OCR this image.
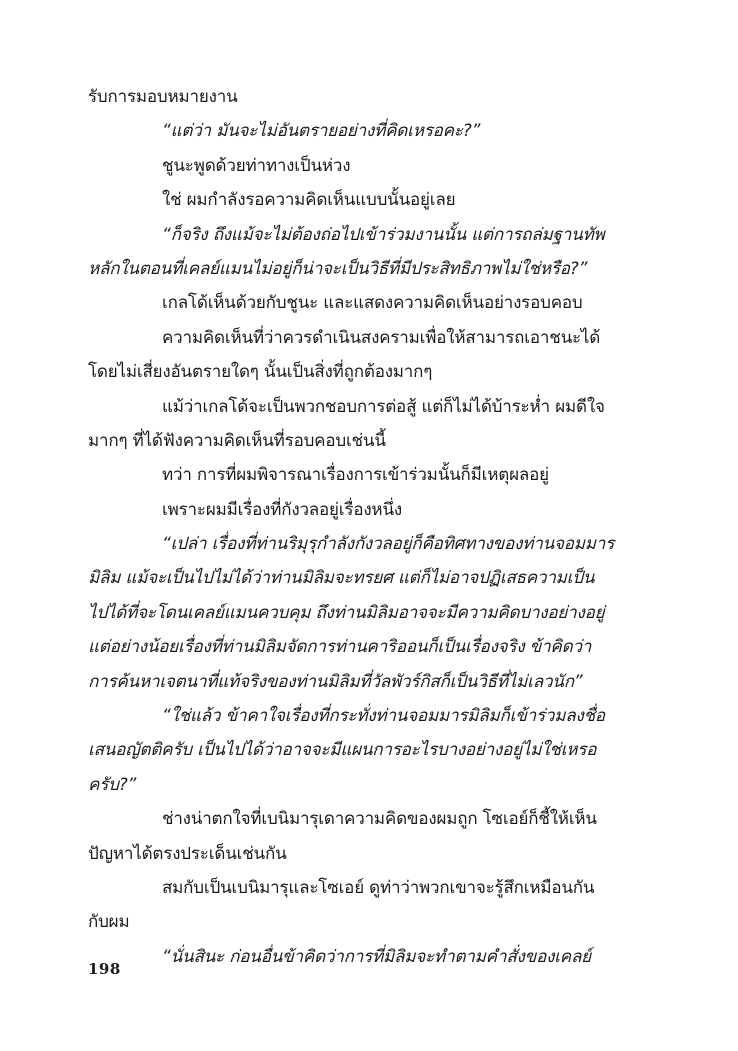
รับการมอบหมายงาน
“แต่ว่า มันจะไม่อันตรายอย่างที่คิดเหรอคะ?”
ชูนะพูดด้วยท่าทางเป็นห่วง
ใช่ ผมกำลังรอความคิดเห็นแบบนั้นอยู่เลย
“ก็จริง ถึงแม้จะไม่ต้องถ่อไปเข้าร่วมงานนั้น แต่การถล่มฐานทัพ
หลักในตอนที่เคลย์แมนไม่อยู่ก็น่าจะเป็นวิธีที่มีประสิทธิภาพไม่ใช่หรือ?”
เกลโด้เห็นด้วยกับชูนะ และแสดงความคิดเห็นอย่างรอบคอบ
ความคิดเห็นที่ว่าควรดำเนินสงครามเพื่อให้สามารถเอาชนะได้
โดยไม่เสี่ยงอันตรายใดๆ นั้นเป็นสิ่งที่ถูกต้องมากๆ
แม้ว่าเกลโด้จะเป็นพวกชอบการต่อสู้ แต่ก็ไม่ได้บ้าระห่ำ ผมดีใจ
มากๆ ที่ได้ฟังความคิดเห็นที่รอบคอบเช่นนี้
ทว่า การที่ผมพิจารณาเรื่องการเข้าร่วมนั้นก็มีเหตุผลอยู่
เพราะผมมีเรื่องที่กังวลอยู่เรื่องหนึ่ง
“เปล่า เรื่องที่ท่านริมุรุกำลังกังวลอยู่ก็คือทิศทางของท่านจอมมาร
มิลิม แม้จะเป็นไปไม่ได้ว่าท่านมิลิมจะทรยศ แต่ก็ไม่อาจปฏิเสธความเป็น
ไปได้ที่จะโดนเคลย์แมนควบคุม ถึงท่านมิลิมอาจจะมีความคิดบางอย่างอยู่
แต่อย่างน้อยเรื่องที่ท่านมิลิมจัดการท่านคาริออนก็เป็นเรื่องจริง ข้าคิดว่า
การค้นหาเจตนาที่แท้จริงของท่านมิลิมที่วัลพัวร์กิสก็เป็นวิธีที่ไม่เลวนัก”
“ใช่แล้ว ข้าคาใจเรื่องที่กระทั่งท่านจอมมารมิลิมก็เข้าร่วมลงชื่อ
เสนอญัตติครับ เป็นไปได้ว่าอาจจะมีแผนการอะไรบางอย่างอยู่ไม่ใช่เหรอ
ครับ?”
ช่างน่าตกใจที่เบนิมารุเดาความคิดของผมถูก โซเอย์ก็ชี้ให้เห็น
ปัญหาได้ตรงประเด็นเช่นกัน
สมกับเป็นเบนิมารุและโซเอย์ ดูท่าว่าพวกเขาจะรู้สึกเหมือนกัน
กับผม
“นั่นสินะ ก่อนอื่นข้าคิดว่าการที่มิลิมจะทำตามคำสั่งของเคลย์
198
